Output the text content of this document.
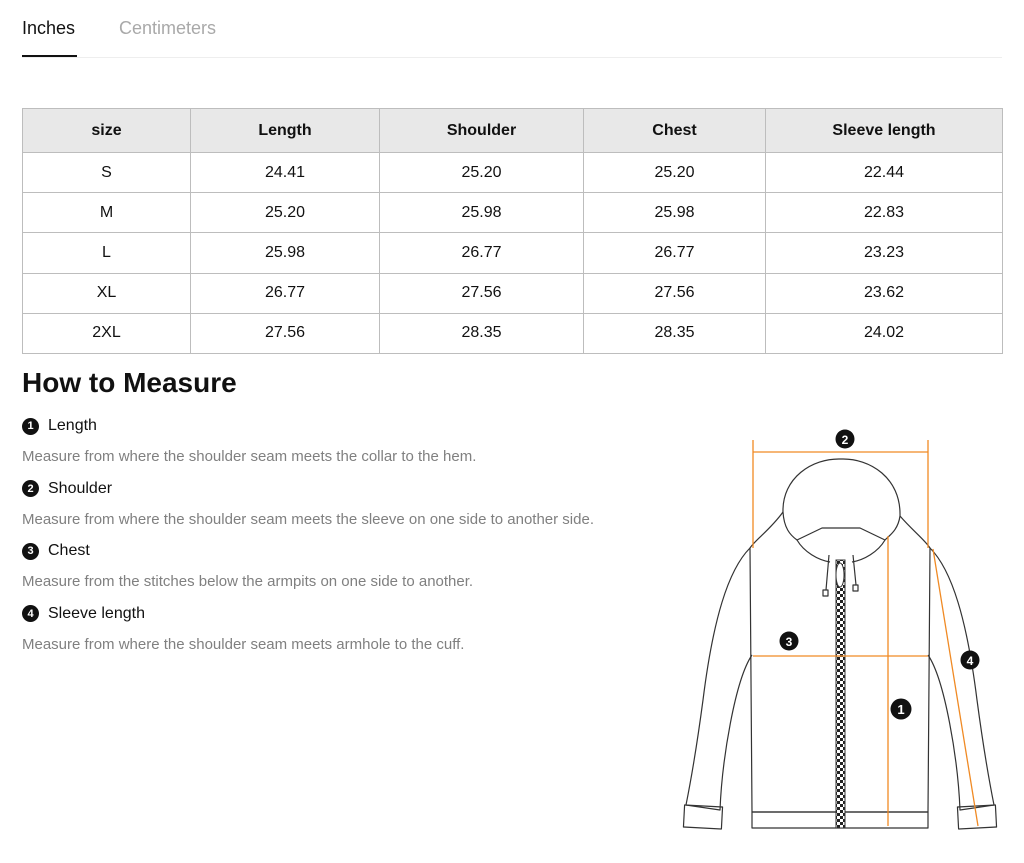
Inches Centimeters
size	Length	Shoulder	Chest	Sleeve length
S	24.41	25.20	25.20	22.44
M	25.20	25.98	25.98	22.83
L	25.98	26.77	26.77	23.23
XL	26.77	27.56	27.56	23.62
2XL	27.56	28.35	28.35	24.02
How to Measure
1 Length
Measure from where the shoulder seam meets the collar to the hem.
2 Shoulder
Measure from where the shoulder seam meets the sleeve on one side to another side.
3 Chest
Measure from the stitches below the armpits on one side to another.
4 Sleeve length
Measure from where the shoulder seam meets armhole to the cuff.
1
2
3
4
